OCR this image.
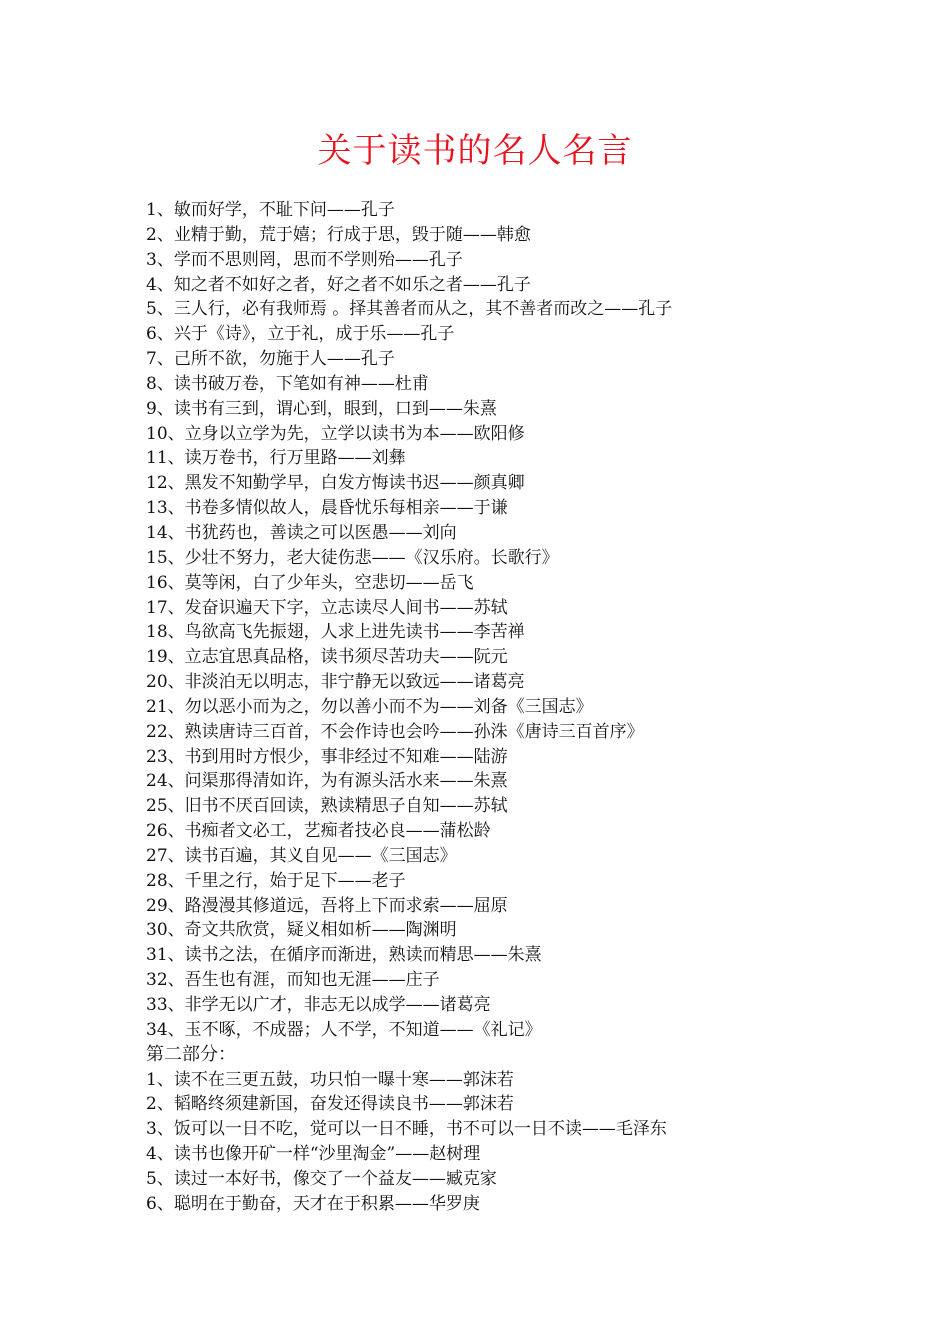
关于读书的名人名言
1、敏而好学，不耻下问——孔子
2、业精于勤，荒于嬉；行成于思，毁于随——韩愈
3、学而不思则罔，思而不学则殆——孔子
4、知之者不如好之者，好之者不如乐之者——孔子
5、三人行，必有我师焉 。择其善者而从之，其不善者而改之——孔子
6、兴于《诗》，立于礼，成于乐——孔子
7、己所不欲，勿施于人——孔子
8、读书破万卷，下笔如有神——杜甫
9、读书有三到，谓心到，眼到，口到——朱熹
10、立身以立学为先，立学以读书为本——欧阳修
11、读万卷书，行万里路——刘彝
12、黑发不知勤学早，白发方悔读书迟——颜真卿
13、书卷多情似故人，晨昏忧乐每相亲——于谦
14、书犹药也，善读之可以医愚——刘向
15、少壮不努力，老大徒伤悲——《汉乐府。长歌行》
16、莫等闲，白了少年头，空悲切——岳飞
17、发奋识遍天下字，立志读尽人间书——苏轼
18、鸟欲高飞先振翅，人求上进先读书——李苦禅
19、立志宜思真品格，读书须尽苦功夫——阮元
20、非淡泊无以明志，非宁静无以致远——诸葛亮
21、勿以恶小而为之，勿以善小而不为——刘备《三国志》
22、熟读唐诗三百首，不会作诗也会吟——孙洙《唐诗三百首序》
23、书到用时方恨少，事非经过不知难——陆游
24、问渠那得清如许，为有源头活水来——朱熹
25、旧书不厌百回读，熟读精思子自知——苏轼
26、书痴者文必工，艺痴者技必良——蒲松龄
27、读书百遍，其义自见——《三国志》
28、千里之行，始于足下——老子
29、路漫漫其修道远，吾将上下而求索——屈原
30、奇文共欣赏，疑义相如析——陶渊明
31、读书之法，在循序而渐进，熟读而精思——朱熹
32、吾生也有涯，而知也无涯——庄子
33、非学无以广才，非志无以成学——诸葛亮
34、玉不啄，不成器；人不学，不知道——《礼记》
第二部分：
1、读不在三更五鼓，功只怕一曝十寒——郭沫若
2、韬略终须建新国，奋发还得读良书——郭沫若
3、饭可以一日不吃，觉可以一日不睡，书不可以一日不读——毛泽东
4、读书也像开矿一样“沙里淘金”——赵树理
5、读过一本好书，像交了一个益友——臧克家
6、聪明在于勤奋，天才在于积累——华罗庚
